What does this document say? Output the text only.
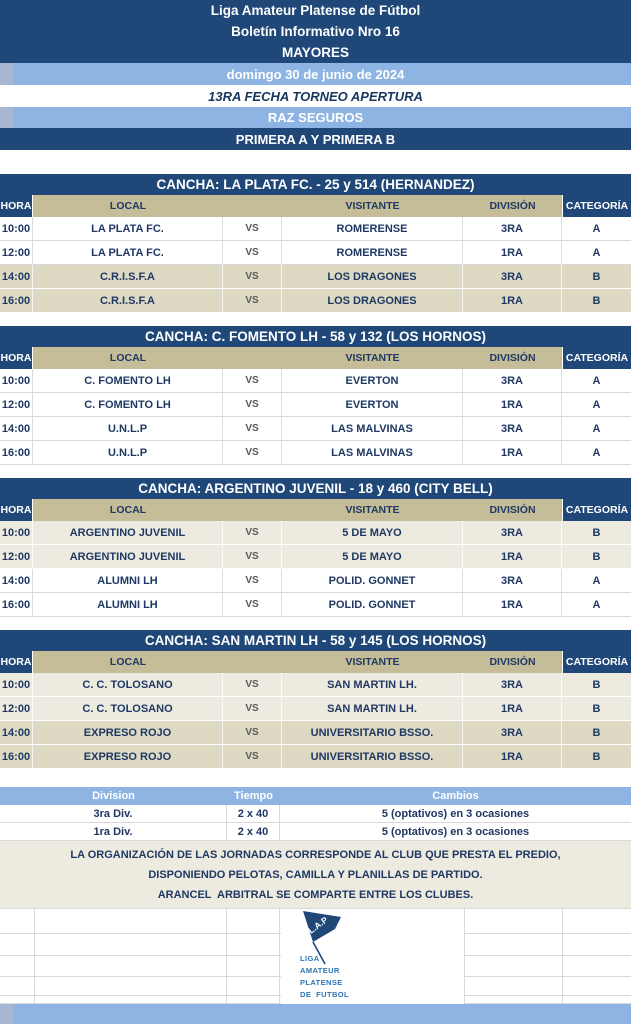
Liga Amateur Platense de Fútbol
Boletín Informativo Nro 16
MAYORES
domingo 30 de junio de 2024
13RA FECHA TORNEO APERTURA
RAZ SEGUROS
PRIMERA A Y PRIMERA B
CANCHA: LA PLATA FC. - 25 y 514 (HERNANDEZ)
HORA	LOCAL	VISITANTE	DIVISIÓN	CATEGORÍA
10:00	LA PLATA FC.	VS	ROMERENSE	3RA	A
12:00	LA PLATA FC.	VS	ROMERENSE	1RA	A
14:00	C.R.I.S.F.A	VS	LOS DRAGONES	3RA	B
16:00	C.R.I.S.F.A	VS	LOS DRAGONES	1RA	B
CANCHA: C. FOMENTO LH - 58 y 132 (LOS HORNOS)
HORA	LOCAL	VISITANTE	DIVISIÓN	CATEGORÍA
10:00	C. FOMENTO LH	VS	EVERTON	3RA	A
12:00	C. FOMENTO LH	VS	EVERTON	1RA	A
14:00	U.N.L.P	VS	LAS MALVINAS	3RA	A
16:00	U.N.L.P	VS	LAS MALVINAS	1RA	A
CANCHA: ARGENTINO JUVENIL - 18 y 460 (CITY BELL)
HORA	LOCAL	VISITANTE	DIVISIÓN	CATEGORÍA
10:00	ARGENTINO JUVENIL	VS	5 DE MAYO	3RA	B
12:00	ARGENTINO JUVENIL	VS	5 DE MAYO	1RA	B
14:00	ALUMNI LH	VS	POLID. GONNET	3RA	A
16:00	ALUMNI LH	VS	POLID. GONNET	1RA	A
CANCHA: SAN MARTIN LH - 58 y 145 (LOS HORNOS)
HORA	LOCAL	VISITANTE	DIVISIÓN	CATEGORÍA
10:00	C. C. TOLOSANO	VS	SAN MARTIN LH.	3RA	B
12:00	C. C. TOLOSANO	VS	SAN MARTIN LH.	1RA	B
14:00	EXPRESO ROJO	VS	UNIVERSITARIO BSSO.	3RA	B
16:00	EXPRESO ROJO	VS	UNIVERSITARIO BSSO.	1RA	B
Division	Tiempo	Cambios
3ra Div.	2 x 40	5 (optativos) en 3 ocasiones
1ra Div.	2 x 40	5 (optativos) en 3 ocasiones
LA ORGANIZACIÓN DE LAS JORNADAS CORRESPONDE AL CLUB QUE PRESTA EL PREDIO,
DISPONIENDO PELOTAS, CAMILLA Y PLANILLAS DE PARTIDO.
ARANCEL  ARBITRAL SE COMPARTE ENTRE LOS CLUBES.
L.A.P
LIGA
AMATEUR
PLATENSE
DE  FUTBOL
